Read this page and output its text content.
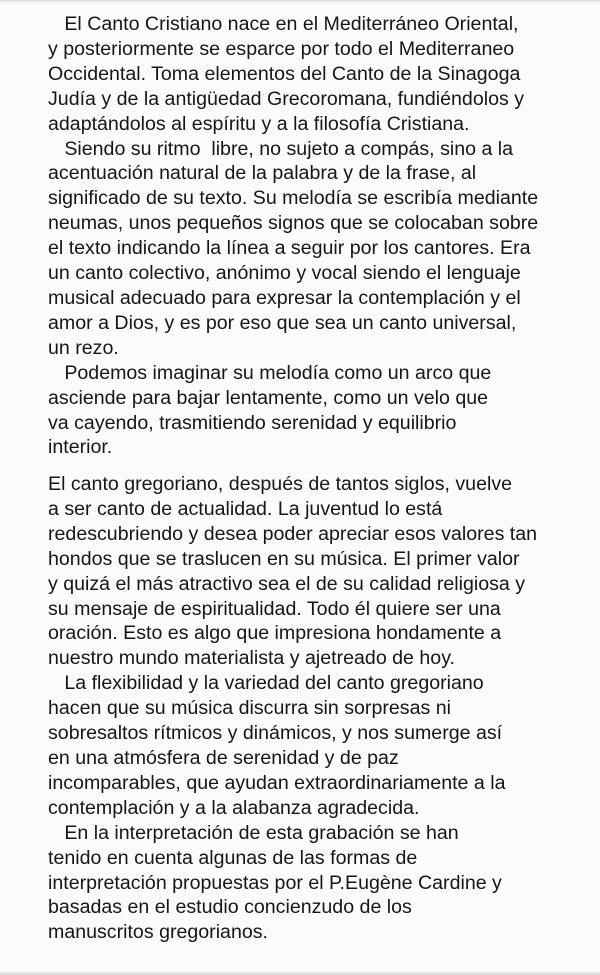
El Canto Cristiano nace en el Mediterráneo Oriental,
y posteriormente se esparce por todo el Mediterraneo
Occidental. Toma elementos del Canto de la Sinagoga
Judía y de la antigüedad Grecoromana, fundiéndolos y
adaptándolos al espíritu y a la filosofía Cristiana.
Siendo su ritmo  libre, no sujeto a compás, sino a la
acentuación natural de la palabra y de la frase, al
significado de su texto. Su melodía se escribía mediante
neumas, unos pequeños signos que se colocaban sobre
el texto indicando la línea a seguir por los cantores. Era
un canto colectivo, anónimo y vocal siendo el lenguaje
musical adecuado para expresar la contemplación y el
amor a Dios, y es por eso que sea un canto universal,
un rezo.
Podemos imaginar su melodía como un arco que
asciende para bajar lentamente, como un velo que
va cayendo, trasmitiendo serenidad y equilibrio
interior.
El canto gregoriano, después de tantos siglos, vuelve
a ser canto de actualidad. La juventud lo está
redescubriendo y desea poder apreciar esos valores tan
hondos que se traslucen en su música. El primer valor
y quizá el más atractivo sea el de su calidad religiosa y
su mensaje de espiritualidad. Todo él quiere ser una
oración. Esto es algo que impresiona hondamente a
nuestro mundo materialista y ajetreado de hoy.
La flexibilidad y la variedad del canto gregoriano
hacen que su música discurra sin sorpresas ni
sobresaltos rítmicos y dinámicos, y nos sumerge así
en una atmósfera de serenidad y de paz
incomparables, que ayudan extraordinariamente a la
contemplación y a la alabanza agradecida.
En la interpretación de esta grabación se han
tenido en cuenta algunas de las formas de
interpretación propuestas por el P.Eugène Cardine y
basadas en el estudio concienzudo de los
manuscritos gregorianos.
